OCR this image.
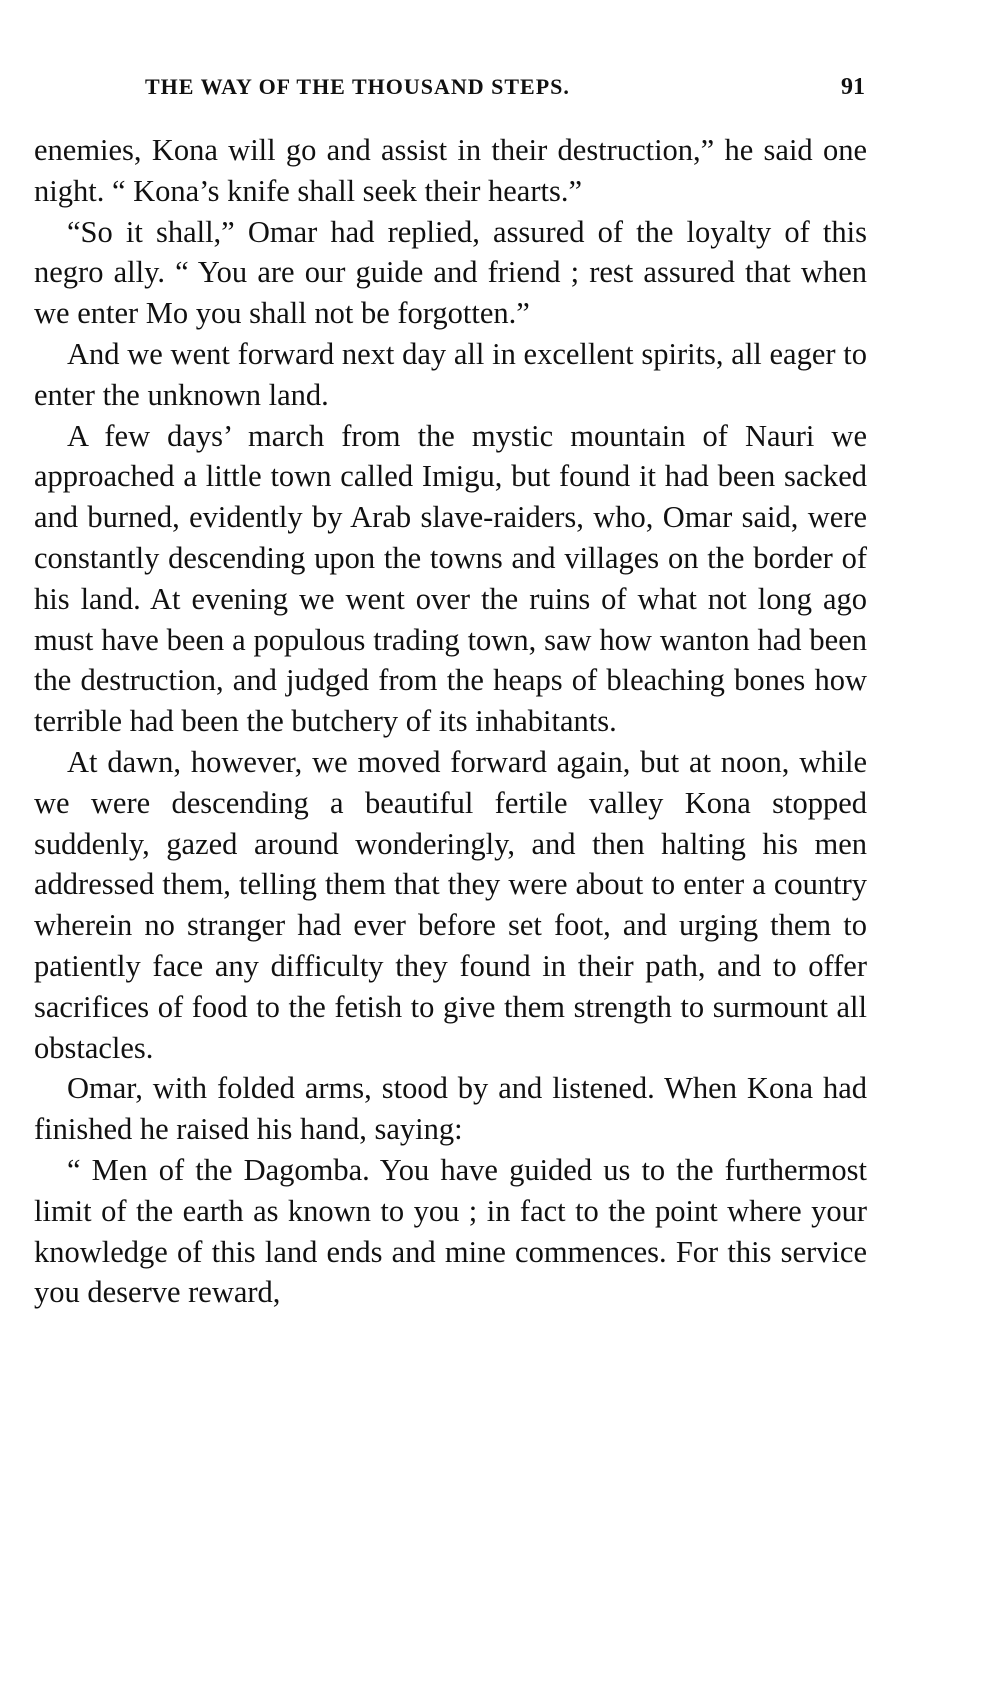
THE WAY OF THE THOUSAND STEPS.	91

enemies, Kona will go and assist in their destruction,” he said one night. “ Kona’s knife shall seek their hearts.”

“So it shall,” Omar had replied, assured of the loyalty of this negro ally. “ You are our guide and friend ; rest assured that when we enter Mo you shall not be forgotten.”

And we went forward next day all in excellent spirits, all eager to enter the unknown land.

A few days’ march from the mystic mountain of Nauri we approached a little town called Imigu, but found it had been sacked and burned, evidently by Arab slave-raiders, who, Omar said, were constantly descending upon the towns and villages on the border of his land. At evening we went over the ruins of what not long ago must have been a populous trading town, saw how wanton had been the destruction, and judged from the heaps of bleaching bones how terrible had been the butchery of its inhabitants.

At dawn, however, we moved forward again, but at noon, while we were descending a beautiful fertile valley Kona stopped suddenly, gazed around wonderingly, and then halting his men addressed them, telling them that they were about to enter a country wherein no stranger had ever before set foot, and urging them to patiently face any difficulty they found in their path, and to offer sacrifices of food to the fetish to give them strength to surmount all obstacles.

Omar, with folded arms, stood by and listened. When Kona had finished he raised his hand, saying:

“ Men of the Dagomba. You have guided us to the furthermost limit of the earth as known to you ; in fact to the point where your knowledge of this land ends and mine commences. For this service you deserve reward,
